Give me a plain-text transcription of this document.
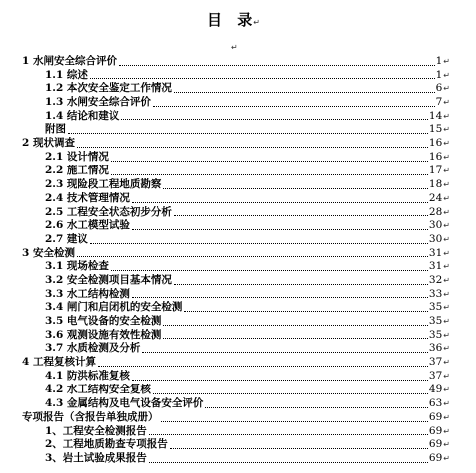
目 录↵
↵
1 水闸安全综合评价	1 ↵
1.1 综述	1 ↵
1.2 本次安全鉴定工作情况	6 ↵
1.3 水闸安全综合评价	7 ↵
1.4 结论和建议	14 ↵
附图	15 ↵
2 现状调查	16 ↵
2.1 设计情况	16 ↵
2.2 施工情况	17 ↵
2.3 现险段工程地质勘察	18 ↵
2.4 技术管理情况	24 ↵
2.5 工程安全状态初步分析	28 ↵
2.6 水工模型试验	30 ↵
2.7 建议	30 ↵
3 安全检测	31 ↵
3.1 现场检查	31 ↵
3.2 安全检测项目基本情况	32 ↵
3.3 水工结构检测	33 ↵
3.4 闸门和启闭机的安全检测	35 ↵
3.5 电气设备的安全检测	35 ↵
3.6 观测设施有效性检测	35 ↵
3.7 水质检测及分析	36 ↵
4 工程复核计算	37 ↵
4.1 防洪标准复核	37 ↵
4.2 水工结构安全复核	49 ↵
4.3 金属结构及电气设备安全评价	63 ↵
专项报告（含报告单独成册）	69 ↵
1、工程安全检测报告	69 ↵
2、工程地质勘查专项报告	69 ↵
3、岩土试验成果报告	69 ↵
